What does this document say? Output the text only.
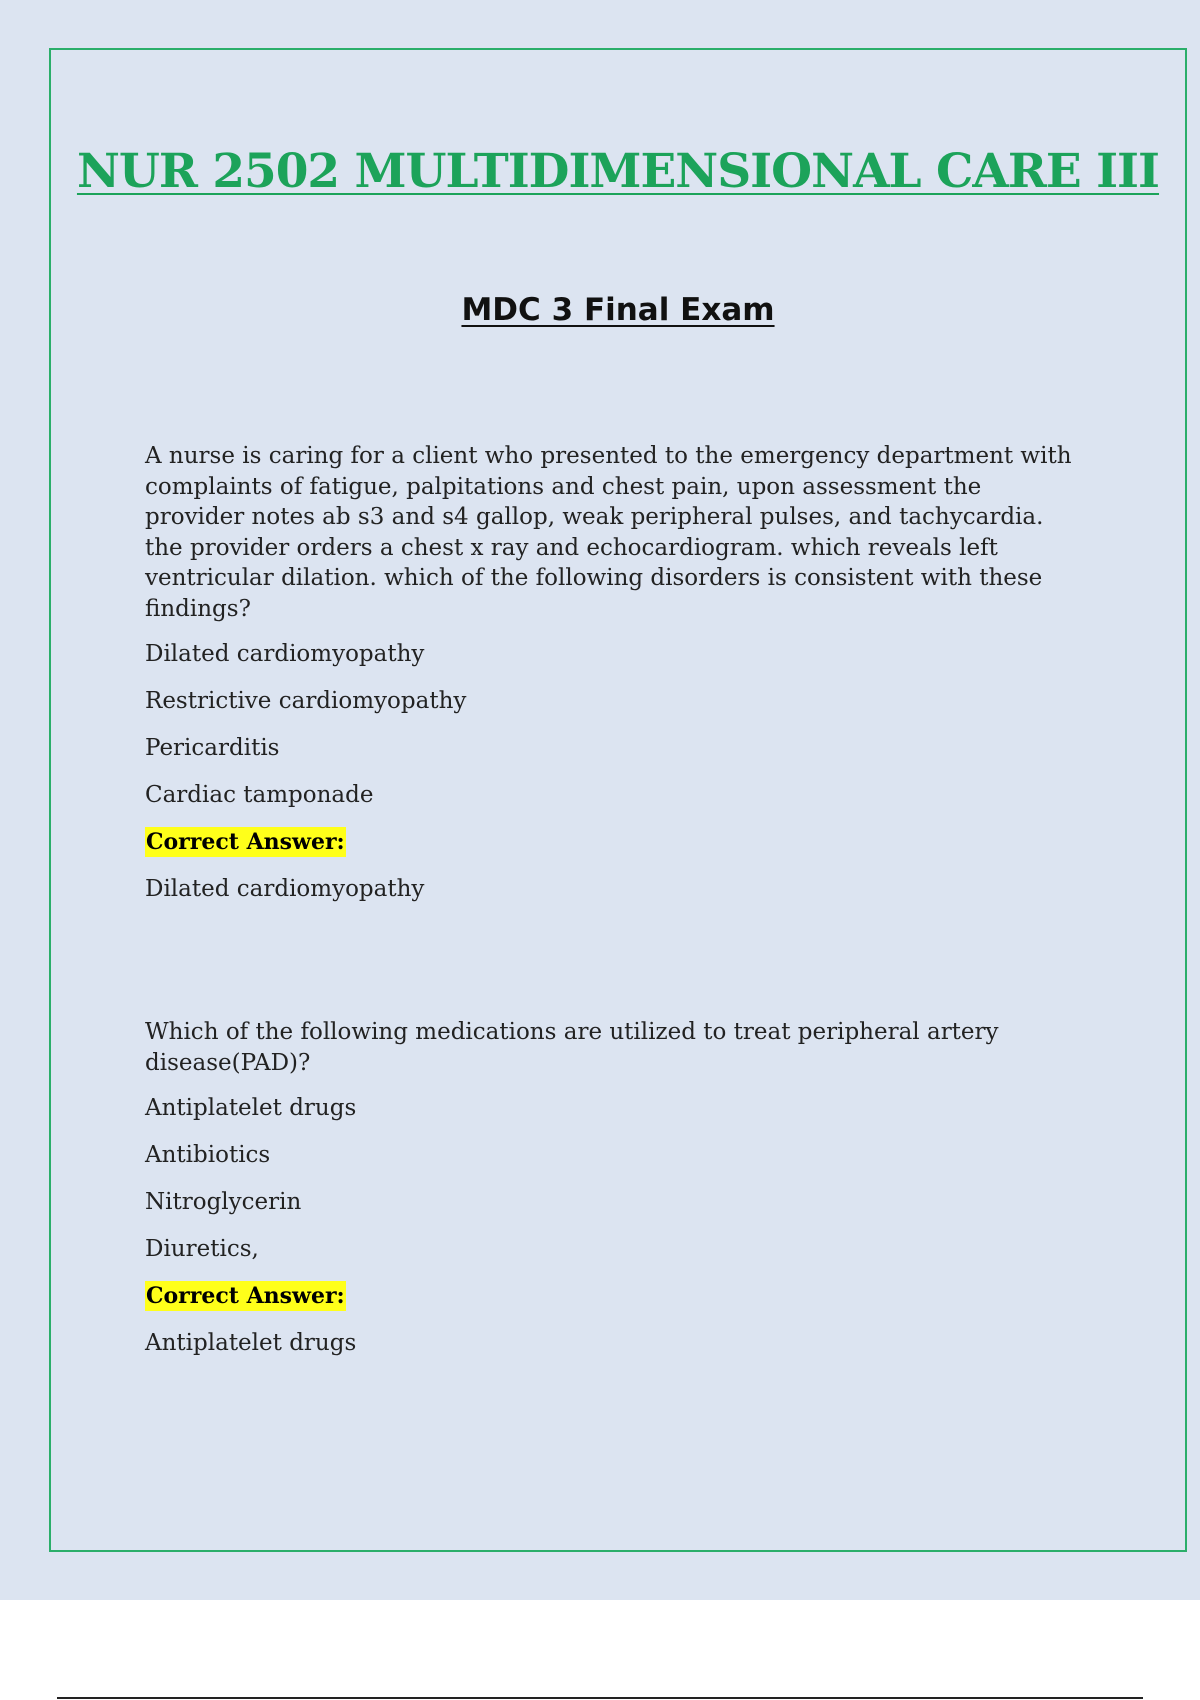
NUR 2502 MULTIDIMENSIONAL CARE III
MDC 3 Final Exam

A nurse is caring for a client who presented to the emergency department with complaints of fatigue, palpitations and chest pain, upon assessment the provider notes ab s3 and s4 gallop, weak peripheral pulses, and tachycardia. the provider orders a chest x ray and echocardiogram. which reveals left ventricular dilation. which of the following disorders is consistent with these findings?

Dilated cardiomyopathy

Restrictive cardiomyopathy

Pericarditis

Cardiac tamponade

Correct Answer:

Dilated cardiomyopathy

Which of the following medications are utilized to treat peripheral artery disease(PAD)?

Antiplatelet drugs

Antibiotics

Nitroglycerin

Diuretics,

Correct Answer:

Antiplatelet drugs
